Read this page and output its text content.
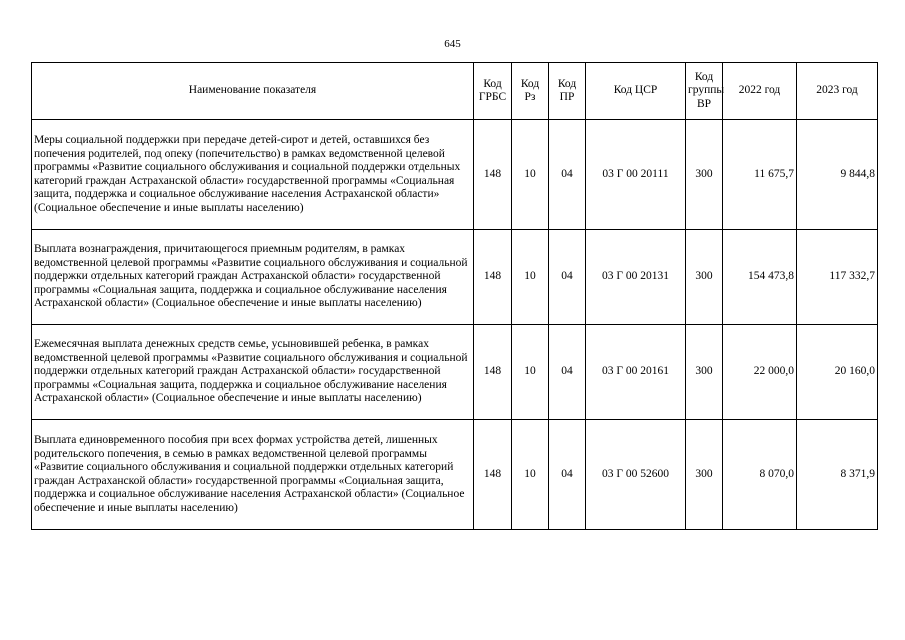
645
Наименование показателя	Код ГРБС	Код Рз	Код ПР	Код ЦСР	Код группы ВР	2022 год	2023 год
Меры социальной поддержки при передаче детей-сирот и детей, оставшихся без попечения родителей, под опеку (попечительство) в рамках ведомственной целевой программы «Развитие социального обслуживания и социальной поддержки отдельных категорий граждан Астраханской области» государственной программы «Социальная защита, поддержка и социальное обслуживание населения Астраханской области» (Социальное обеспечение и иные выплаты населению)	148	10	04	03 Г 00 20111	300	11 675,7	9 844,8
Выплата вознаграждения, причитающегося приемным родителям, в рамках ведомственной целевой программы «Развитие социального обслуживания и социальной поддержки отдельных категорий граждан Астраханской области» государственной программы «Социальная защита, поддержка и социальное обслуживание населения Астраханской области» (Социальное обеспечение и иные выплаты населению)	148	10	04	03 Г 00 20131	300	154 473,8	117 332,7
Ежемесячная выплата денежных средств семье, усыновившей ребенка, в рамках ведомственной целевой программы «Развитие социального обслуживания и социальной поддержки отдельных категорий граждан Астраханской области» государственной программы «Социальная защита, поддержка и социальное обслуживание населения Астраханской области» (Социальное обеспечение и иные выплаты населению)	148	10	04	03 Г 00 20161	300	22 000,0	20 160,0
Выплата единовременного пособия при всех формах устройства детей, лишенных родительского попечения, в семью в рамках ведомственной целевой программы «Развитие социального обслуживания и социальной поддержки отдельных категорий граждан Астраханской области» государственной программы «Социальная защита, поддержка и социальное обслуживание населения Астраханской области» (Социальное обеспечение и иные выплаты населению)	148	10	04	03 Г 00 52600	300	8 070,0	8 371,9
